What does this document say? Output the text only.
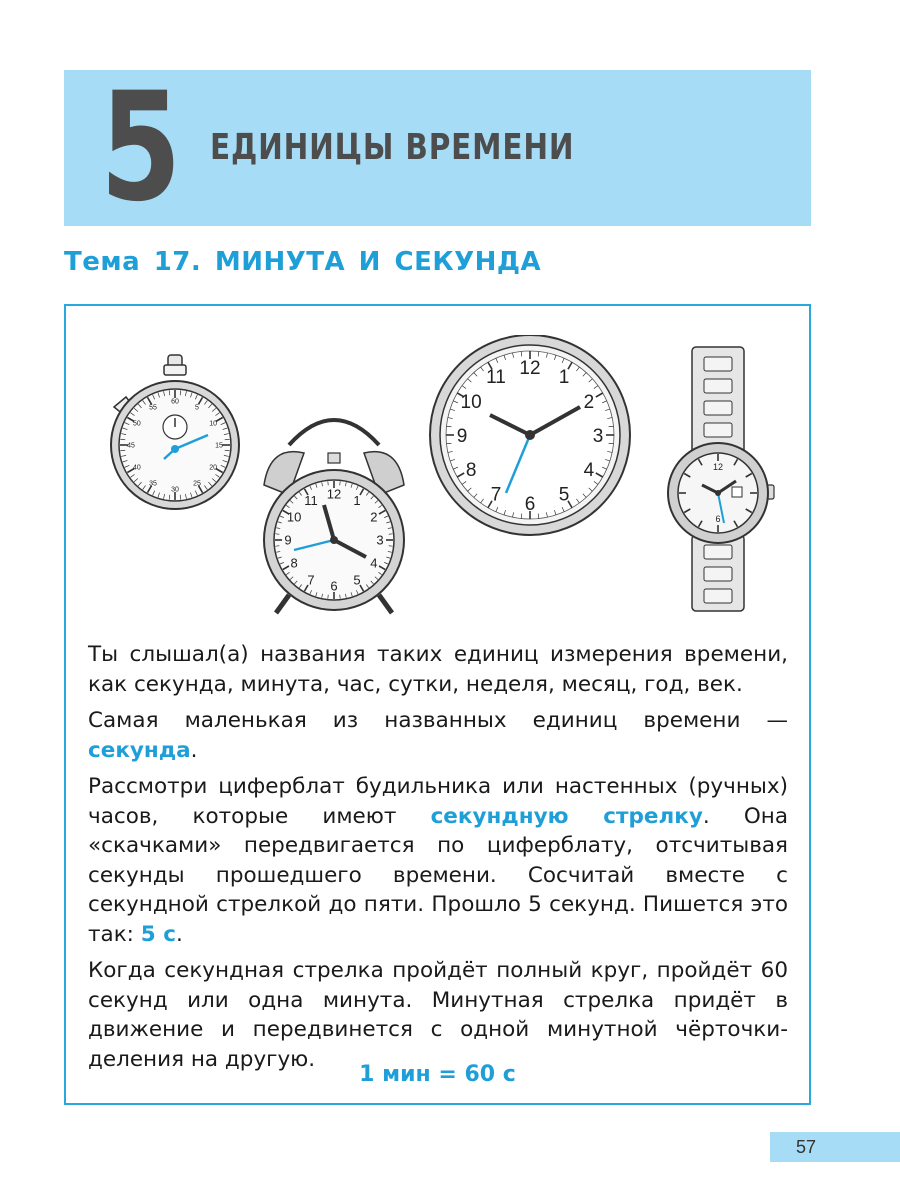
5 ЕДИНИЦЫ ВРЕМЕНИ
Тема 17. МИНУТА И СЕКУНДА
60
5
10
15
20
25
30
35
40
45
50
55
12 1
2
3
4
5
6
7
8
9
10
11
12 1
2
3
4
5
6
7
8
9
10
11
12
6

Ты слышал(а) названия таких единиц измерения времени, как секунда, минута, час, сутки, неделя, месяц, год, век.

Самая маленькая из названных единиц времени — секунда.

Рассмотри циферблат будильника или настенных (ручных) часов, которые имеют секундную стрелку. Она «скачками» передвигается по циферблату, отсчитывая секунды прошедшего времени. Сосчитай вместе с секундной стрелкой до пяти. Прошло 5 секунд. Пишется это так: 5 с.

Когда секундная стрелка пройдёт полный круг, пройдёт 60 секунд или одна минута. Минутная стрелка придёт в движение и передвинется с одной минутной чёрточки-деления на другую.

1 мин = 60 с
57
